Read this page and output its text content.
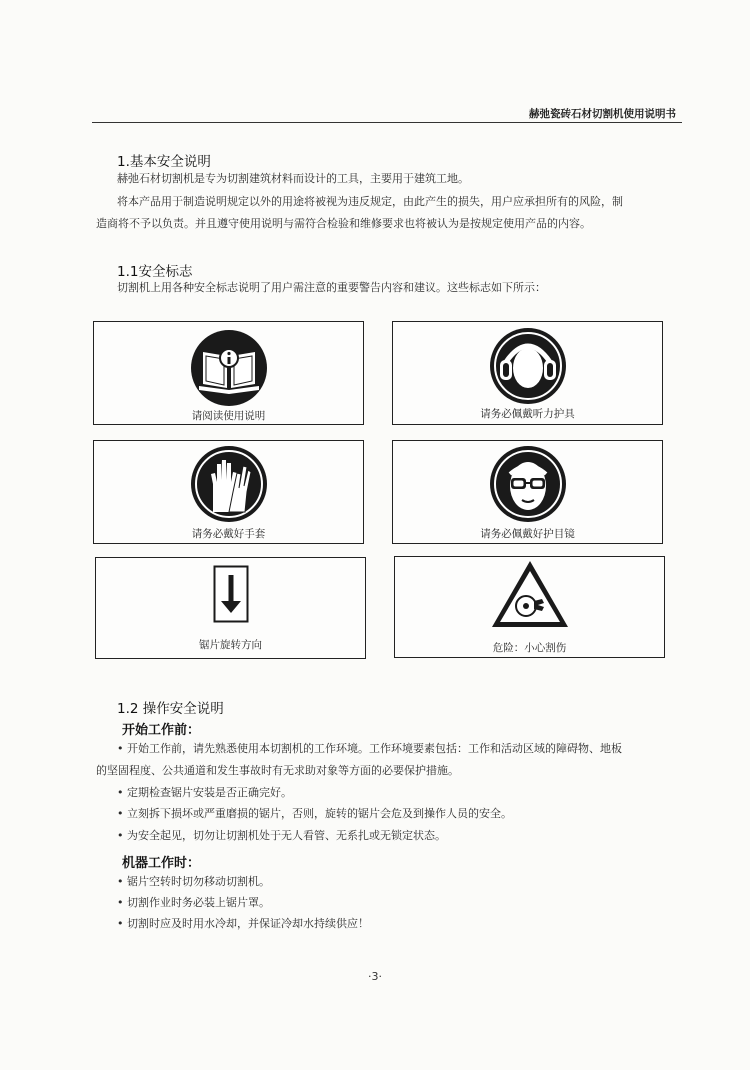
赫弛瓷砖石材切割机使用说明书
1.基本安全说明
赫弛石材切割机是专为切割建筑材料而设计的工具，主要用于建筑工地。
将本产品用于制造说明规定以外的用途将被视为违反规定，由此产生的损失，用户应承担所有的风险，制
造商将不予以负责。并且遵守使用说明与需符合检验和维修要求也将被认为是按规定使用产品的内容。
1.1安全标志
切割机上用各种安全标志说明了用户需注意的重要警告内容和建议。这些标志如下所示：
请阅读使用说明	请务必佩戴听力护具
请务必戴好手套	请务必佩戴好护目镜
锯片旋转方向	危险：小心割伤
1.2 操作安全说明
开始工作前：
• 开始工作前，请先熟悉使用本切割机的工作环境。工作环境要素包括：工作和活动区域的障碍物、地板
的坚固程度、公共通道和发生事故时有无求助对象等方面的必要保护措施。
• 定期检查锯片安装是否正确完好。
• 立刻拆下损坏或严重磨损的锯片，否则，旋转的锯片会危及到操作人员的安全。
• 为安全起见，切勿让切割机处于无人看管、无系扎或无锁定状态。
机器工作时：
• 锯片空转时切勿移动切割机。
• 切割作业时务必装上锯片罩。
• 切割时应及时用水冷却，并保证冷却水持续供应！
·3·
